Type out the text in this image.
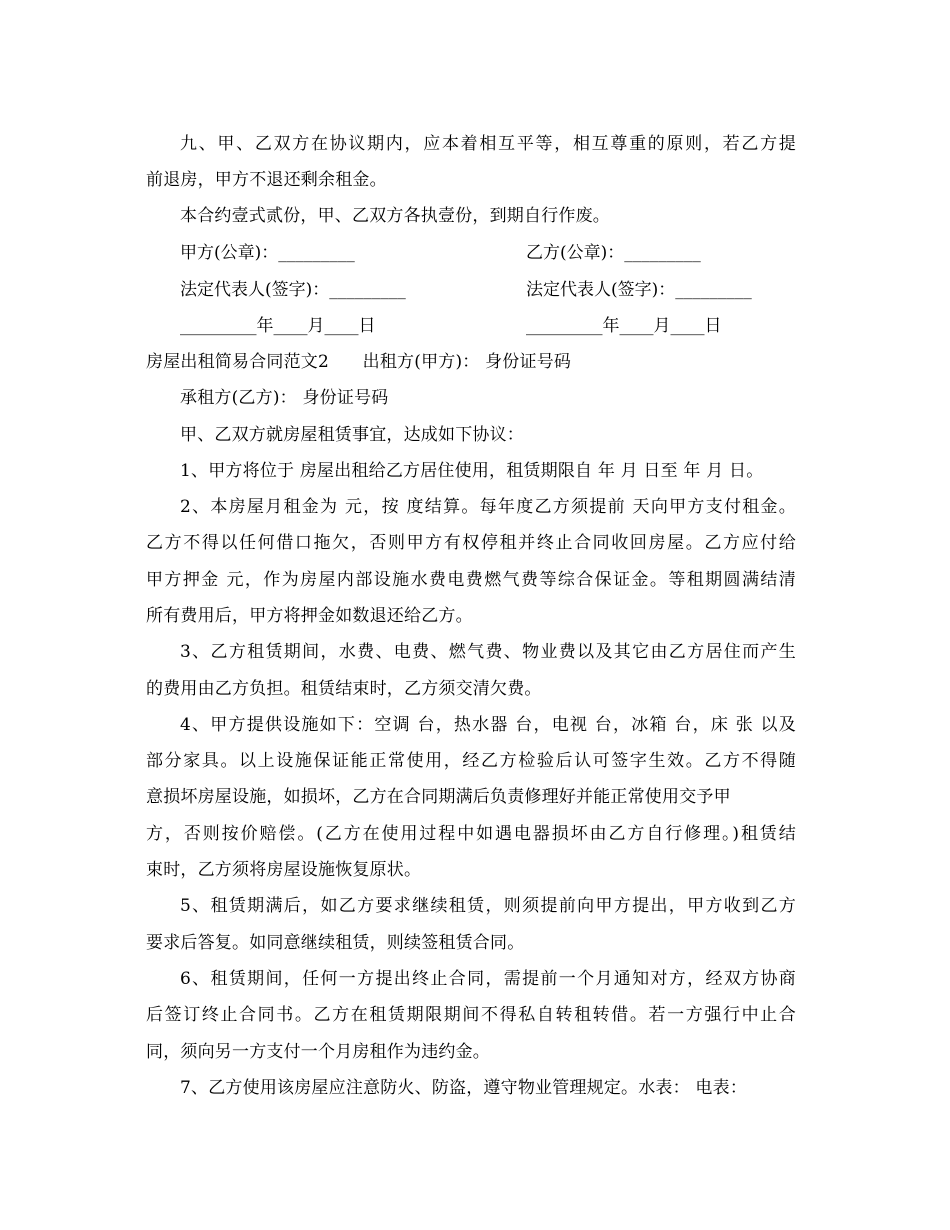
九、甲、乙双方在协议期内，应本着相互平等，相互尊重的原则，若乙方提
前退房，甲方不退还剩余租金。
本合约壹式贰份，甲、乙双方各执壹份，到期自行作废。
甲方(公章)：_________	乙方(公章)：_________
法定代表人(签字)：_________	法定代表人(签字)：_________
_________年____月____日	_________年____月____日
房屋出租简易合同范文2      出租方(甲方)： 身份证号码
承租方(乙方)： 身份证号码
甲、乙双方就房屋租赁事宜，达成如下协议：
1、甲方将位于 房屋出租给乙方居住使用，租赁期限自 年 月 日至 年 月 日。
2、本房屋月租金为 元，按 度结算。每年度乙方须提前 天向甲方支付租金。
乙方不得以任何借口拖欠，否则甲方有权停租并终止合同收回房屋。乙方应付给
甲方押金 元，作为房屋内部设施水费电费燃气费等综合保证金。等租期圆满结清
所有费用后，甲方将押金如数退还给乙方。
3、乙方租赁期间，水费、电费、燃气费、物业费以及其它由乙方居住而产生
的费用由乙方负担。租赁结束时，乙方须交清欠费。
4、甲方提供设施如下：空调 台，热水器 台，电视 台，冰箱 台，床 张 以及
部分家具。以上设施保证能正常使用，经乙方检验后认可签字生效。乙方不得随
意损坏房屋设施，如损坏，乙方在合同期满后负责修理好并能正常使用交予甲
方，否则按价赔偿。(乙方在使用过程中如遇电器损坏由乙方自行修理。)租赁结
束时，乙方须将房屋设施恢复原状。
5、租赁期满后，如乙方要求继续租赁，则须提前向甲方提出，甲方收到乙方
要求后答复。如同意继续租赁，则续签租赁合同。
6、租赁期间，任何一方提出终止合同，需提前一个月通知对方，经双方协商
后签订终止合同书。乙方在租赁期限期间不得私自转租转借。若一方强行中止合
同，须向另一方支付一个月房租作为违约金。
7、乙方使用该房屋应注意防火、防盗，遵守物业管理规定。水表： 电表：
